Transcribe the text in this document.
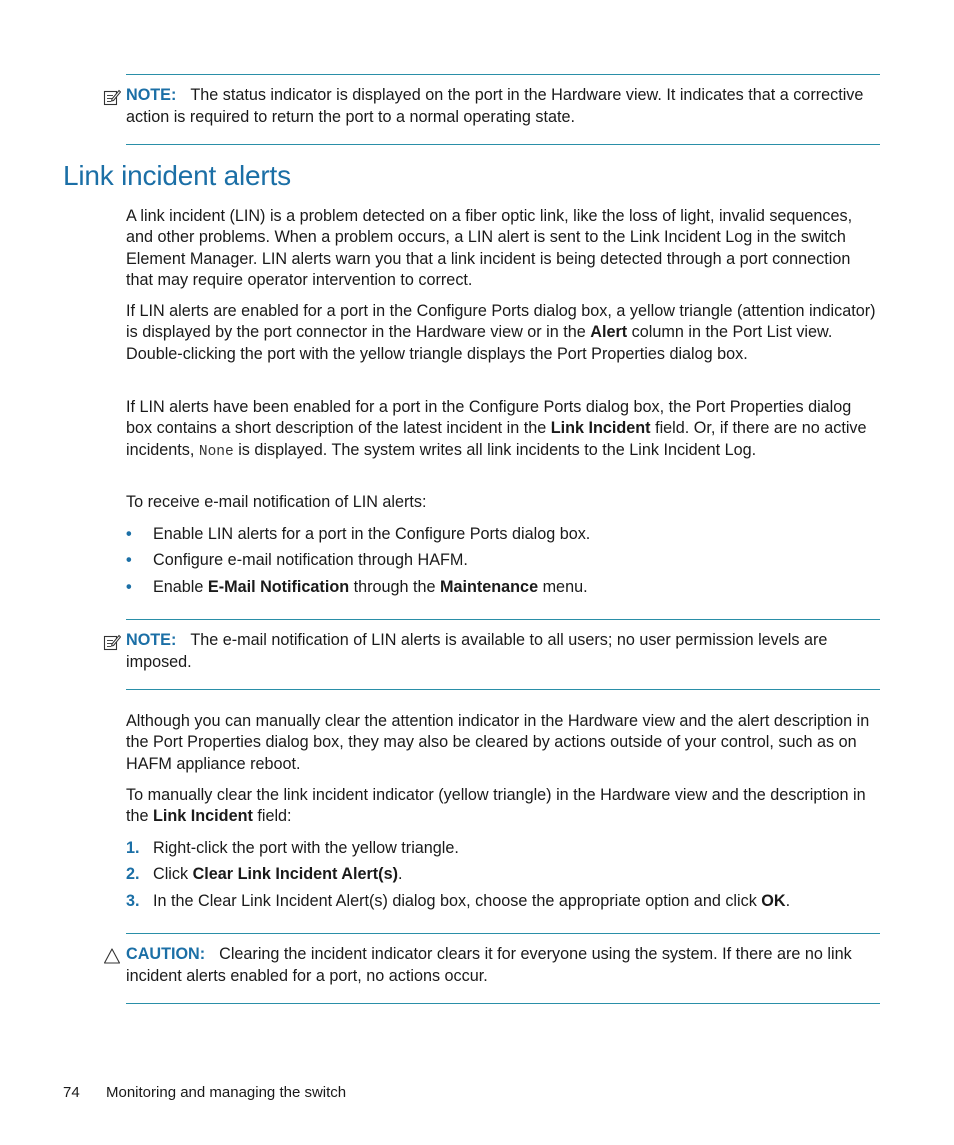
NOTE: The status indicator is displayed on the port in the Hardware view. It indicates that a corrective action is required to return the port to a normal operating state.
Link incident alerts

A link incident (LIN) is a problem detected on a fiber optic link, like the loss of light, invalid sequences, and other problems. When a problem occurs, a LIN alert is sent to the Link Incident Log in the switch Element Manager. LIN alerts warn you that a link incident is being detected through a port connection that may require operator intervention to correct.

If LIN alerts are enabled for a port in the Configure Ports dialog box, a yellow triangle (attention indicator) is displayed by the port connector in the Hardware view or in the Alert column in the Port List view. Double-clicking the port with the yellow triangle displays the Port Properties dialog box.

If LIN alerts have been enabled for a port in the Configure Ports dialog box, the Port Properties dialog box contains a short description of the latest incident in the Link Incident field. Or, if there are no active incidents, None is displayed. The system writes all link incidents to the Link Incident Log.

To receive e-mail notification of LIN alerts:

• Enable LIN alerts for a port in the Configure Ports dialog box.
• Configure e-mail notification through HAFM.
• Enable E-Mail Notification through the Maintenance menu.
NOTE: The e-mail notification of LIN alerts is available to all users; no user permission levels are imposed.

Although you can manually clear the attention indicator in the Hardware view and the alert description in the Port Properties dialog box, they may also be cleared by actions outside of your control, such as on HAFM appliance reboot.

To manually clear the link incident indicator (yellow triangle) in the Hardware view and the description in the Link Incident field:

1. Right-click the port with the yellow triangle.
2. Click Clear Link Incident Alert(s).
3. In the Clear Link Incident Alert(s) dialog box, choose the appropriate option and click OK.
CAUTION: Clearing the incident indicator clears it for everyone using the system. If there are no link incident alerts enabled for a port, no actions occur.
74 Monitoring and managing the switch
